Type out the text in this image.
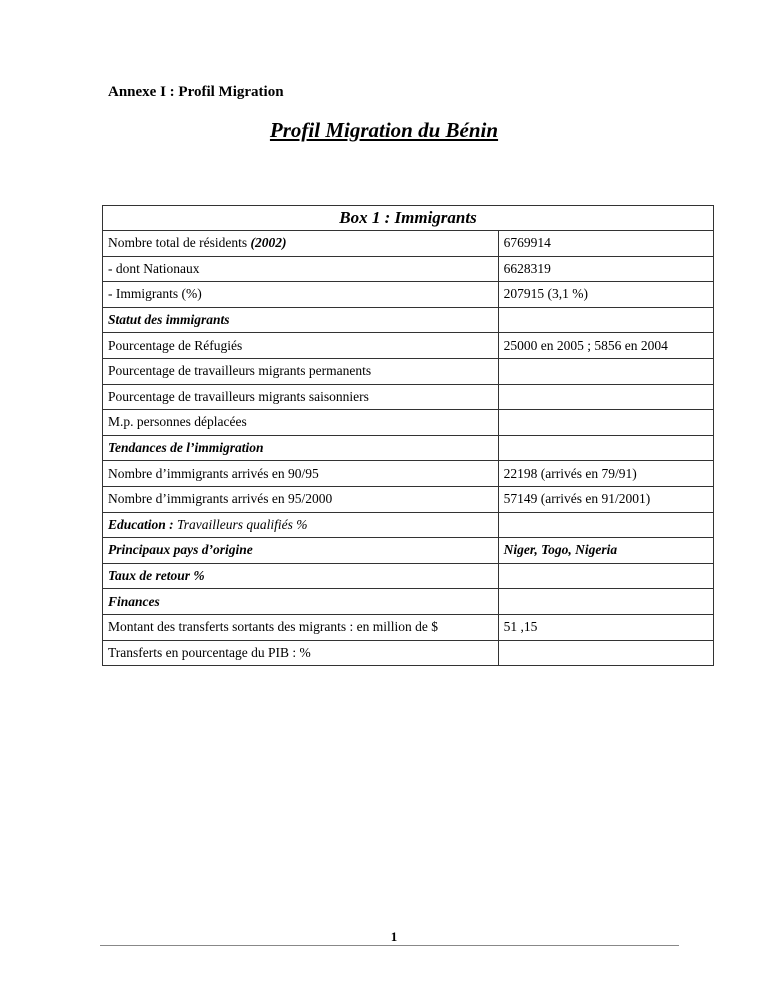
Annexe I : Profil Migration
Profil Migration du Bénin
Box 1 : Immigrants	
Nombre total de résidents (2002)	6769914
- dont Nationaux	6628319
- Immigrants (%)	207915 (3,1 %)
Statut des immigrants	
Pourcentage de Réfugiés	25000 en 2005 ; 5856 en 2004
Pourcentage de travailleurs migrants permanents	
Pourcentage de travailleurs migrants saisonniers	
M.p. personnes déplacées	
Tendances de l’immigration	
Nombre d’immigrants arrivés en 90/95	22198 (arrivés en 79/91)
Nombre d’immigrants arrivés en 95/2000	57149 (arrivés en 91/2001)
Education : Travailleurs qualifiés %	
Principaux pays d’origine	Niger, Togo, Nigeria
Taux de retour %	
Finances	
Montant des transferts sortants des migrants : en million de $	51 ,15
Transferts en pourcentage du PIB : %	
1
